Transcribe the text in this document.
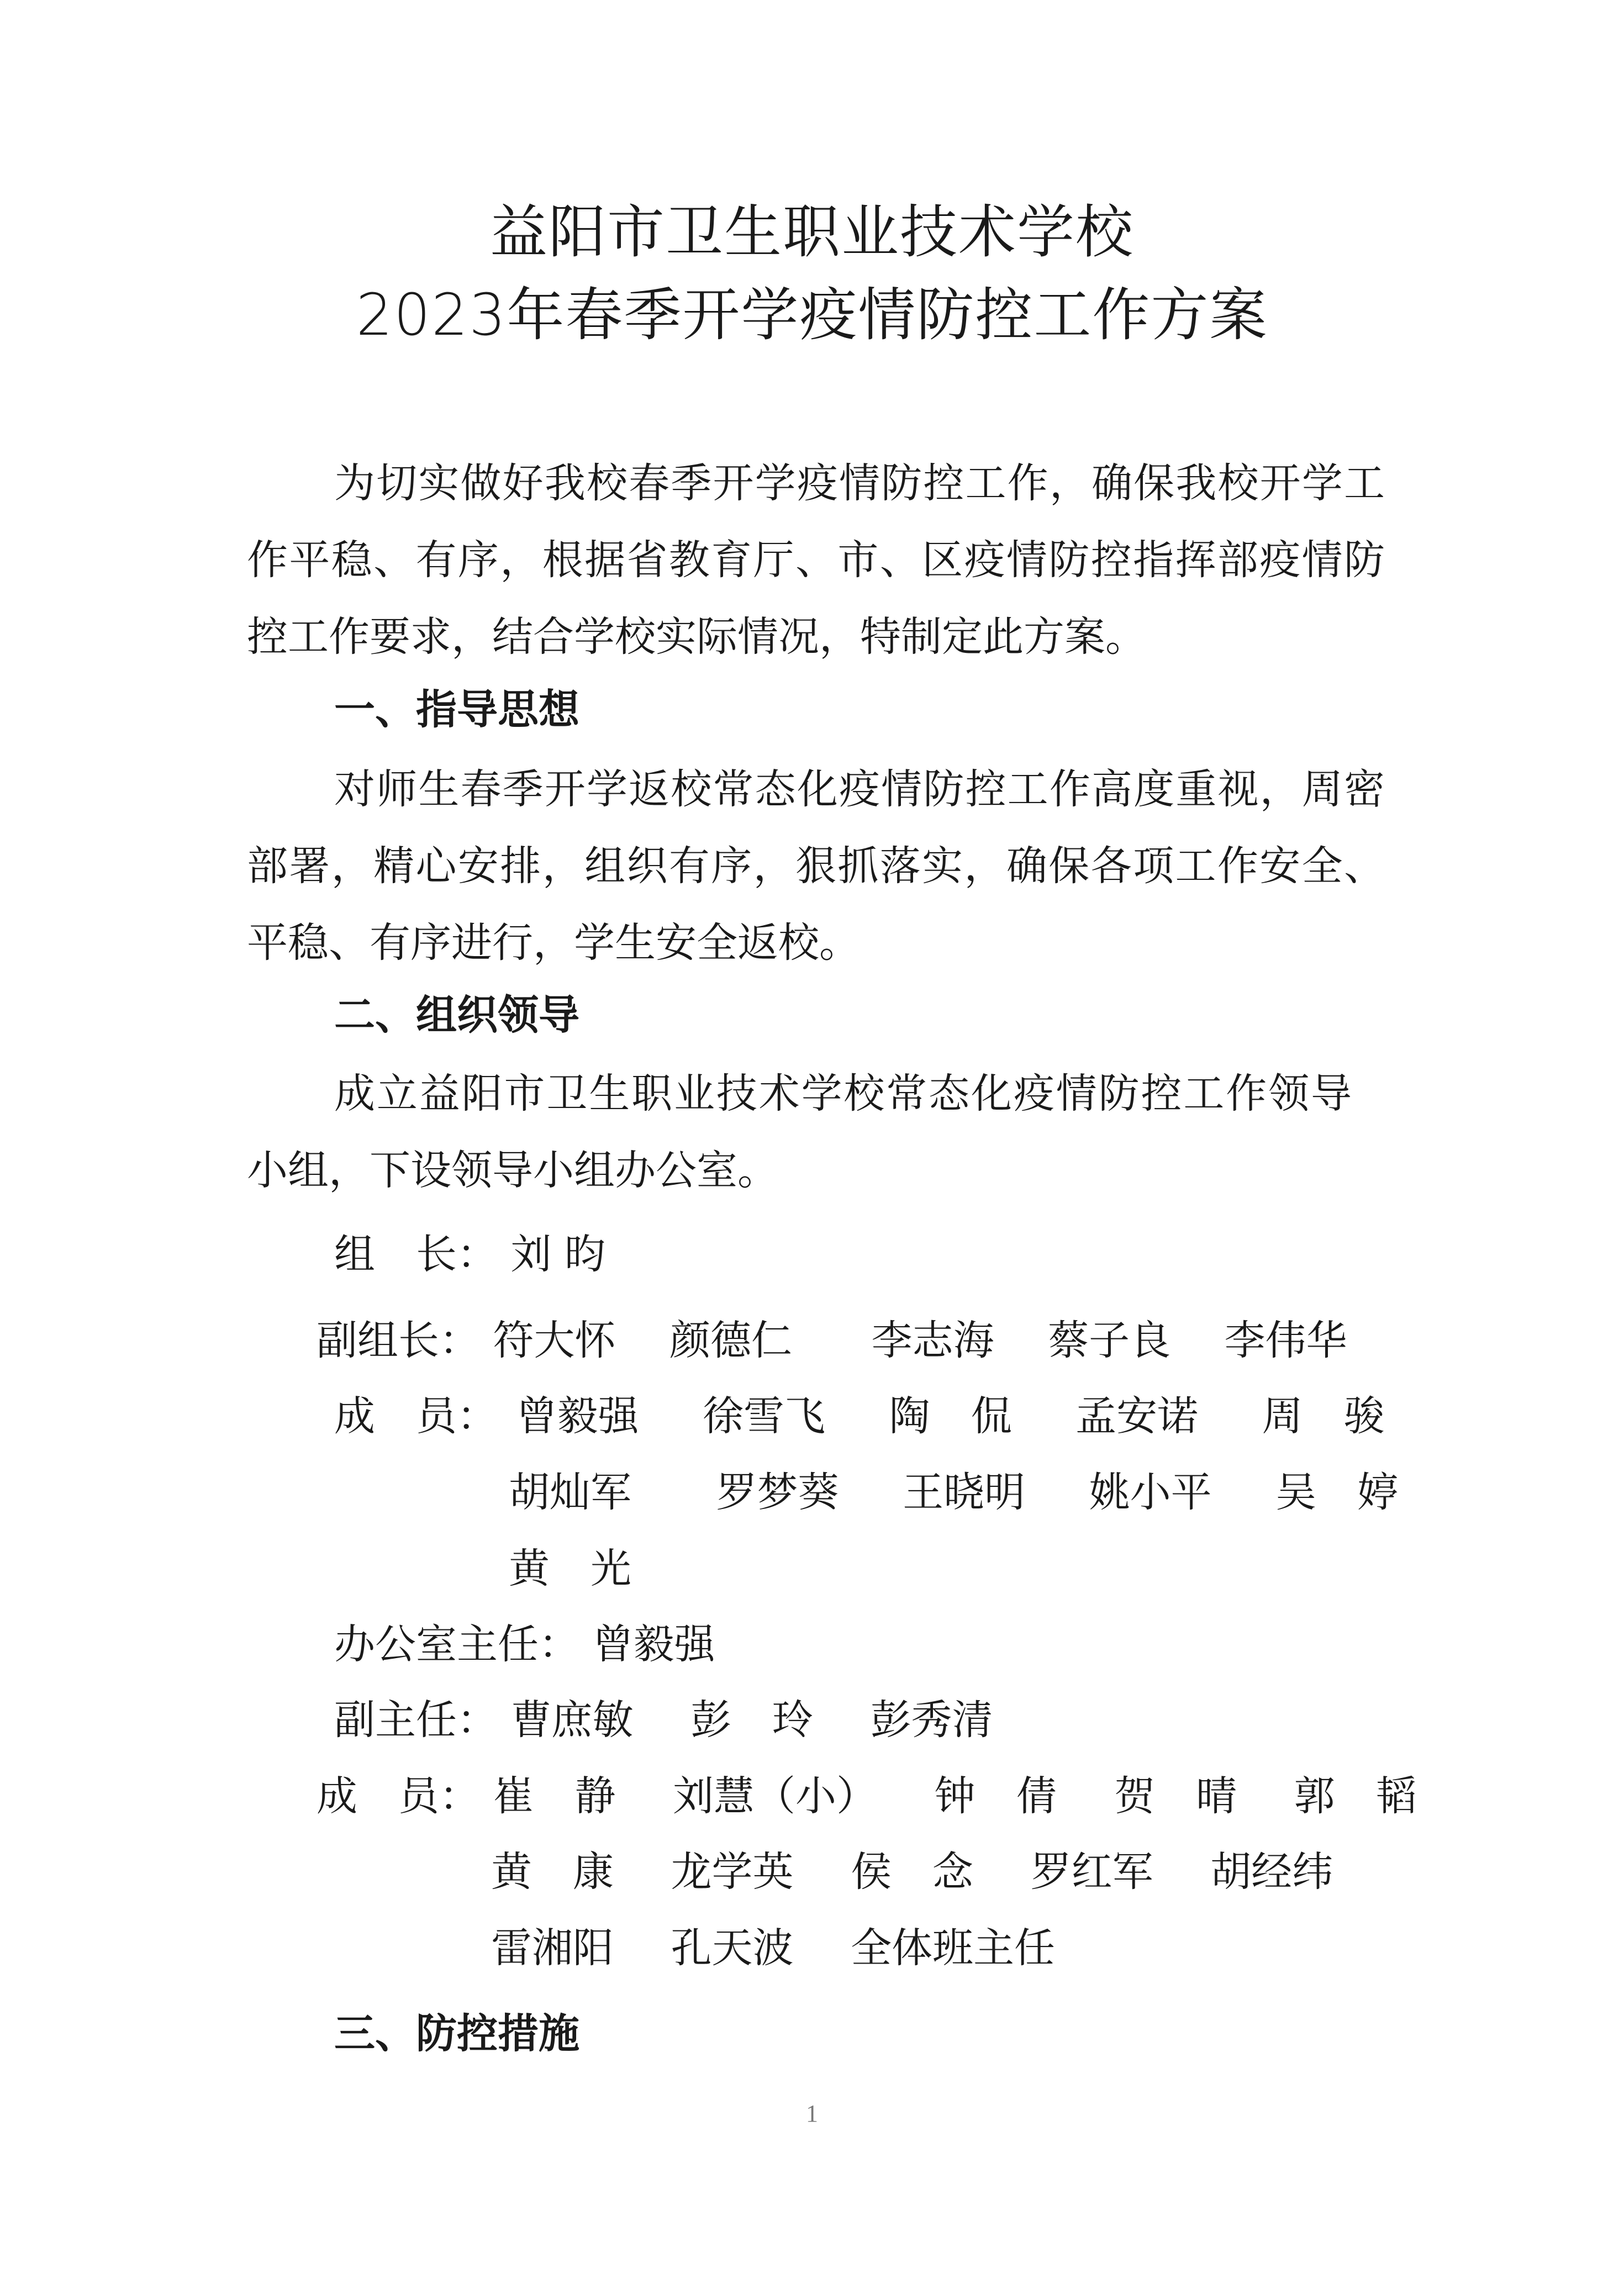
益阳市卫生职业技术学校
2023年春季开学疫情防控工作方案

为切实做好我校春季开学疫情防控工作，确保我校开学工作平稳、有序，根据省教育厅、市、区疫情防控指挥部疫情防控工作要求，结合学校实际情况，特制定此方案。

一、指导思想

对师生春季开学返校常态化疫情防控工作高度重视，周密部署，精心安排，组织有序，狠抓落实，确保各项工作安全、平稳、有序进行，学生安全返校。

二、组织领导

成立益阳市卫生职业技术学校常态化疫情防控工作领导小组，下设领导小组办公室。

组　长： 刘 昀
副组长： 符大怀 颜德仁 李志海 蔡子良 李伟华
成　员： 曾毅强 徐雪飞 陶　侃 孟安诺 周　骏
胡灿军 罗梦葵 王晓明 姚小平 吴　婷
黄　光
办公室主任： 曾毅强
副主任： 曹庶敏 彭　玲 彭秀清
成　员： 崔　静 刘慧（小） 钟　倩 贺　晴 郭　韬
黄　康 龙学英 侯　念 罗红军 胡经纬
雷湘阳 孔天波 全体班主任
三、防控措施
1
